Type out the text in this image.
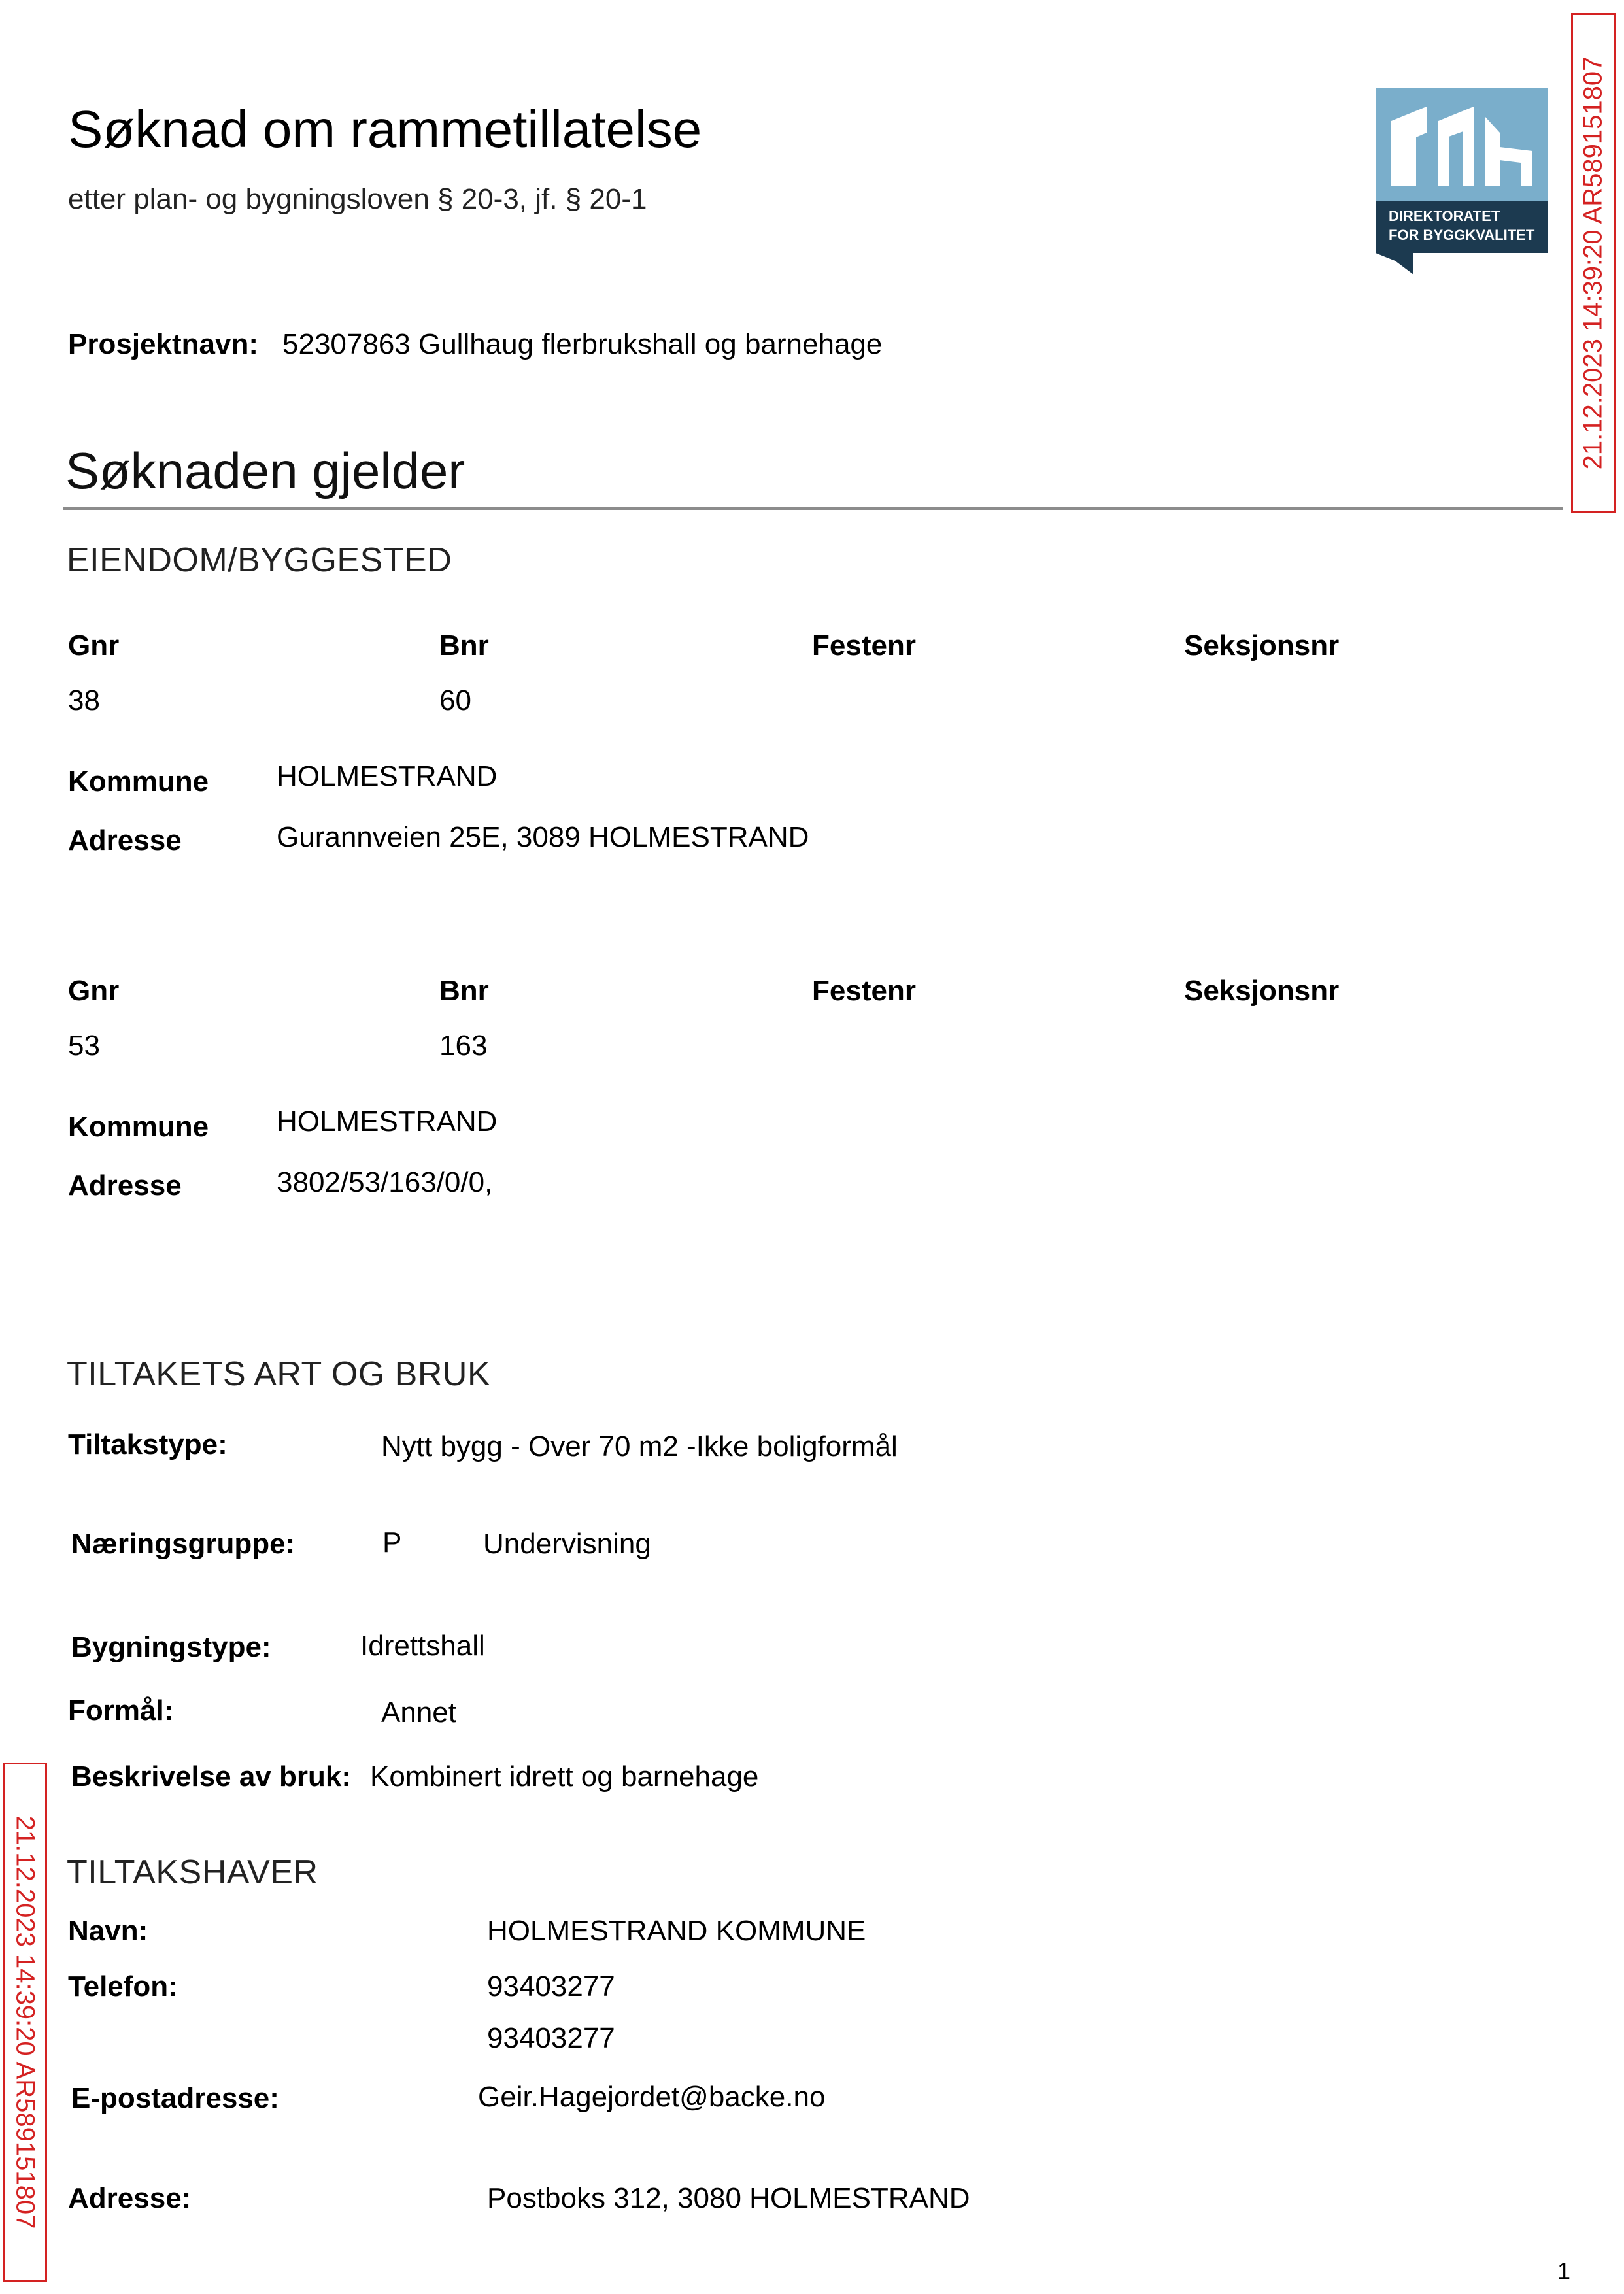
Søknad om rammetillatelse
etter plan- og bygningsloven § 20-3, jf. § 20-1
DIREKTORATET
FOR BYGGKVALITET 21.12.2023 14:39:20 AR589151807
21.12.2023 14:39:20 AR589151807
Prosjektnavn: 52307863 Gullhaug flerbrukshall og barnehage
Søknaden gjelder
EIENDOM/BYGGESTED
Gnr	Bnr	Festenr	Seksjonsnr
38	60
Kommune HOLMESTRAND
Adresse	Gurannveien 25E, 3089 HOLMESTRAND
Gnr	Bnr	Festenr	Seksjonsnr
53	163
Kommune HOLMESTRAND
Adresse	3802/53/163/0/0,
TILTAKETS ART OG BRUK
Tiltakstype:	Nytt bygg - Over 70 m2 -Ikke boligformål
Næringsgruppe:	P	Undervisning
Bygningstype:	Idrettshall
Formål:	Annet
Beskrivelse av bruk: Kombinert idrett og barnehage
TILTAKSHAVER
Navn:	HOLMESTRAND KOMMUNE
Telefon:	93403277
93403277
E-postadresse:	Geir.Hagejordet@backe.no
Adresse:	Postboks 312, 3080 HOLMESTRAND
1
